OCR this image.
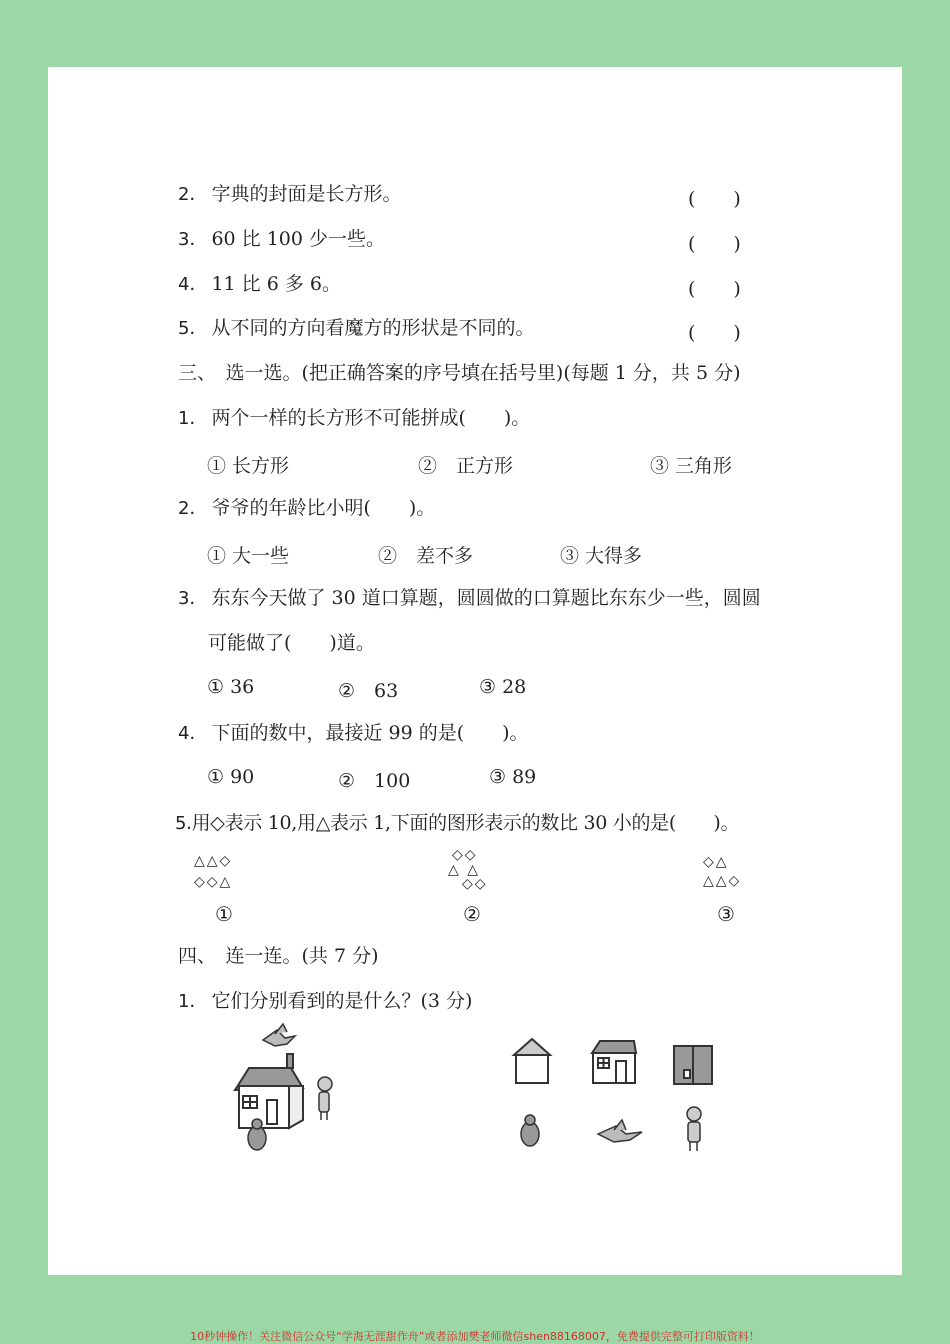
2． 字典的封面是长方形。	(　　)
3． 60 比 100 少一些。	(　　)
4． 11 比 6 多 6。	(　　)
5． 从不同的方向看魔方的形状是不同的。	(　　)
三、　选一选。(把正确答案的序号填在括号里)(每题 1 分，共 5 分)
1． 两个一样的长方形不可能拼成(　　)。
① 长方形	②　正方形	③ 三角形
2． 爷爷的年龄比小明(　　)。
① 大一些	②　差不多	③ 大得多
3． 东东今天做了 30 道口算题，圆圆做的口算题比东东少一些，圆圆
可能做了(　　)道。
① 36	②　63	③ 28
4． 下面的数中，最接近 99 的是(　　)。
① 90	②　100	③ 89
5.用◇表示 10,用△表示 1,下面的图形表示的数比 30 小的是(　　)。
△△◇
◇◇△
①
◇◇
△ △
◇◇
②
◇△
△△◇
③
四、　连一连。(共 7 分)
1． 它们分别看到的是什么？(3 分)
10秒钟操作！关注微信公众号“学海无涯甜作舟”或者添加樊老师微信shen88168007，免费提供完整可打印版资料！
